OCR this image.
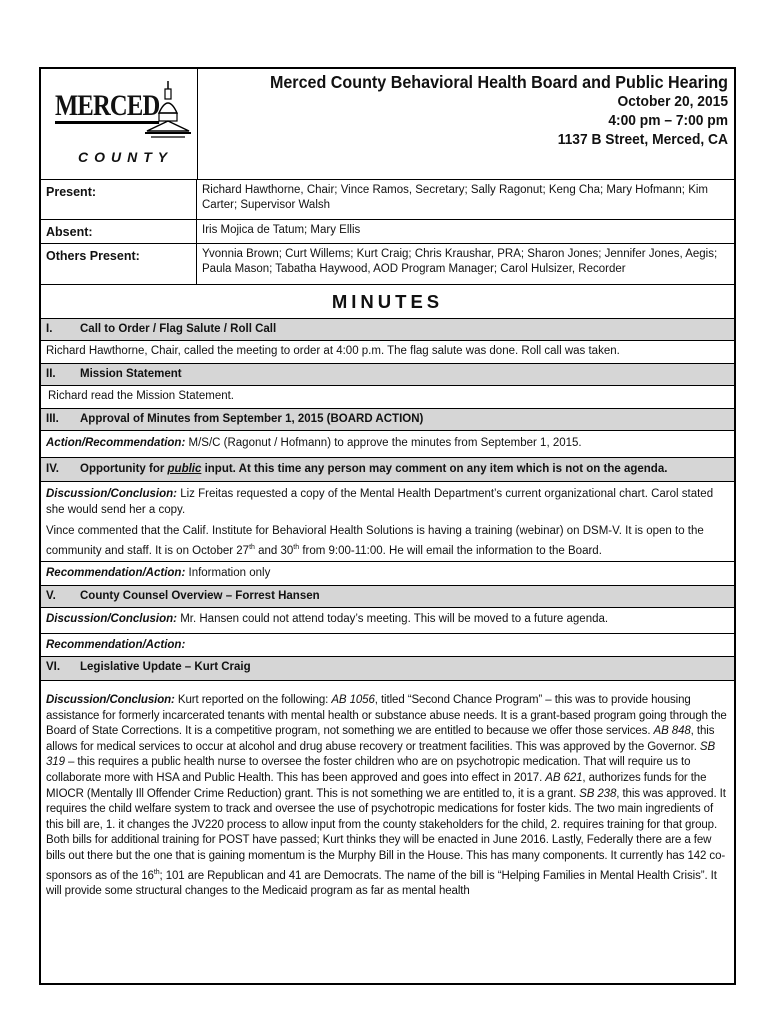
MERCED
COUNTY
Merced County Behavioral Health Board and Public Hearing
October 20, 2015
4:00 pm – 7:00 pm
1137 B Street, Merced, CA
Present:	Richard Hawthorne, Chair; Vince Ramos, Secretary; Sally Ragonut; Keng Cha; Mary Hofmann; Kim Carter; Supervisor Walsh
Absent:	Iris Mojica de Tatum; Mary Ellis
Others Present:	Yvonnia Brown; Curt Willems; Kurt Craig; Chris Kraushar, PRA; Sharon Jones; Jennifer Jones, Aegis; Paula Mason; Tabatha Haywood, AOD Program Manager; Carol Hulsizer, Recorder
MINUTES
I. Call to Order / Flag Salute / Roll Call
Richard Hawthorne, Chair, called the meeting to order at 4:00 p.m. The flag salute was done. Roll call was taken.
II. Mission Statement
Richard read the Mission Statement.
III. Approval of Minutes from September 1, 2015 (BOARD ACTION)
Action/Recommendation: M/S/C (Ragonut / Hofmann) to approve the minutes from September 1, 2015.
IV. Opportunity for public input. At this time any person may comment on any item which is not on the agenda.
Discussion/Conclusion: Liz Freitas requested a copy of the Mental Health Department’s current organizational chart. Carol stated she would send her a copy.
Vince commented that the Calif. Institute for Behavioral Health Solutions is having a training (webinar) on DSM-V. It is open to the community and staff. It is on October 27th and 30th from 9:00-11:00. He will email the information to the Board.
Recommendation/Action: Information only
V. County Counsel Overview – Forrest Hansen
Discussion/Conclusion: Mr. Hansen could not attend today’s meeting. This will be moved to a future agenda.
Recommendation/Action:
VI. Legislative Update – Kurt Craig
Discussion/Conclusion: Kurt reported on the following: AB 1056, titled “Second Chance Program” – this was to provide housing assistance for formerly incarcerated tenants with mental health or substance abuse needs. It is a grant-based program going through the Board of State Corrections. It is a competitive program, not something we are entitled to because we offer those services. AB 848, this allows for medical services to occur at alcohol and drug abuse recovery or treatment facilities. This was approved by the Governor. SB 319 – this requires a public health nurse to oversee the foster children who are on psychotropic medication. That will require us to collaborate more with HSA and Public Health. This has been approved and goes into effect in 2017. AB 621, authorizes funds for the MIOCR (Mentally Ill Offender Crime Reduction) grant. This is not something we are entitled to, it is a grant. SB 238, this was approved. It requires the child welfare system to track and oversee the use of psychotropic medications for foster kids. The two main ingredients of this bill are, 1. it changes the JV220 process to allow input from the county stakeholders for the child, 2. requires training for that group. Both bills for additional training for POST have passed; Kurt thinks they will be enacted in June 2016. Lastly, Federally there are a few bills out there but the one that is gaining momentum is the Murphy Bill in the House. This has many components. It currently has 142 co-sponsors as of the 16th; 101 are Republican and 41 are Democrats. The name of the bill is “Helping Families in Mental Health Crisis”. It will provide some structural changes to the Medicaid program as far as mental health
